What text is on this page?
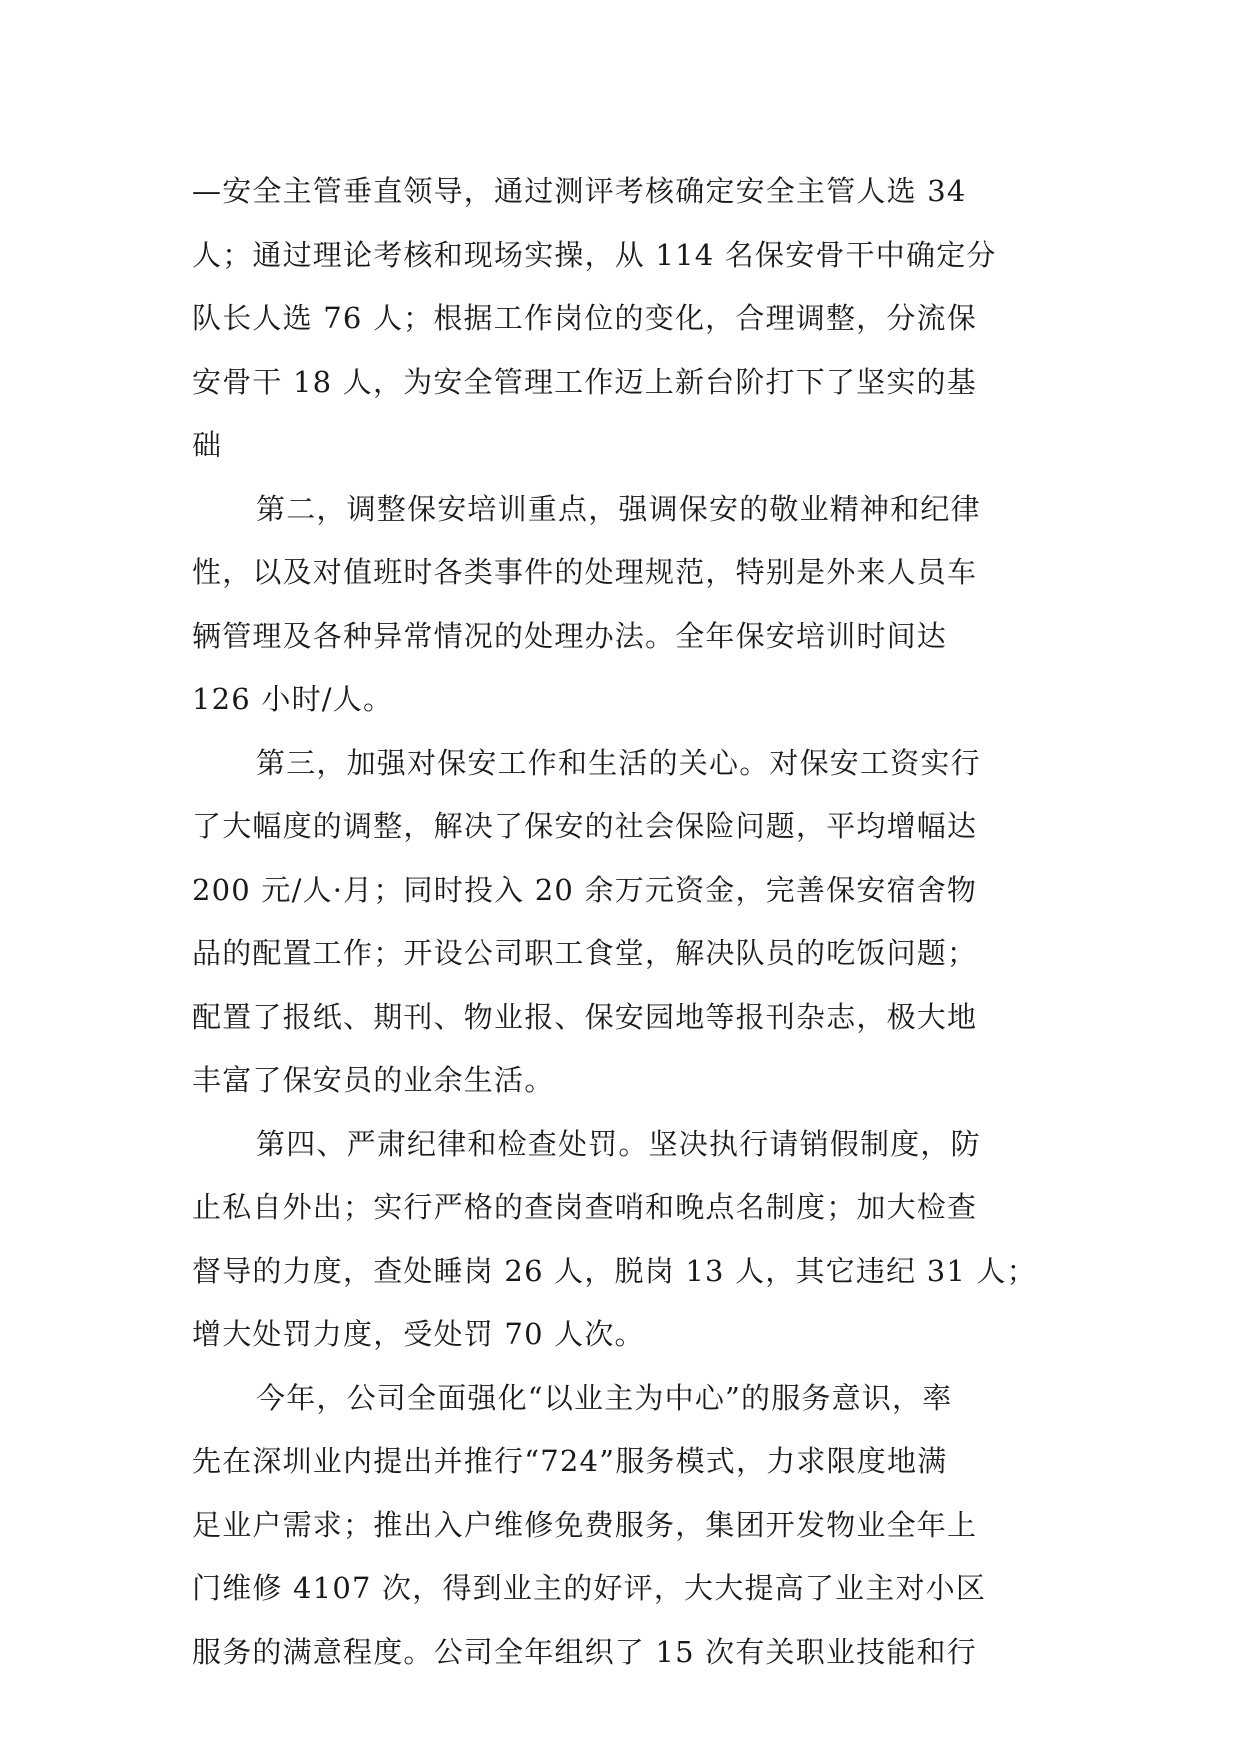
—安全主管垂直领导，通过测评考核确定安全主管人选 34
人；通过理论考核和现场实操，从 114 名保安骨干中确定分
队长人选 76 人；根据工作岗位的变化，合理调整，分流保
安骨干 18 人，为安全管理工作迈上新台阶打下了坚实的基
础
第二，调整保安培训重点，强调保安的敬业精神和纪律
性，以及对值班时各类事件的处理规范，特别是外来人员车
辆管理及各种异常情况的处理办法。全年保安培训时间达
126 小时/人。
第三，加强对保安工作和生活的关心。对保安工资实行
了大幅度的调整，解决了保安的社会保险问题，平均增幅达
200 元/人·月；同时投入 20 余万元资金，完善保安宿舍物
品的配置工作；开设公司职工食堂，解决队员的吃饭问题；
配置了报纸、期刊、物业报、保安园地等报刊杂志，极大地
丰富了保安员的业余生活。
第四、严肃纪律和检查处罚。坚决执行请销假制度，防
止私自外出；实行严格的查岗查哨和晚点名制度；加大检查
督导的力度，查处睡岗 26 人，脱岗 13 人，其它违纪 31 人；
增大处罚力度，受处罚 70 人次。
今年，公司全面强化“以业主为中心”的服务意识，率
先在深圳业内提出并推行“724”服务模式，力求限度地满
足业户需求；推出入户维修免费服务，集团开发物业全年上
门维修 4107 次，得到业主的好评，大大提高了业主对小区
服务的满意程度。公司全年组织了 15 次有关职业技能和行
